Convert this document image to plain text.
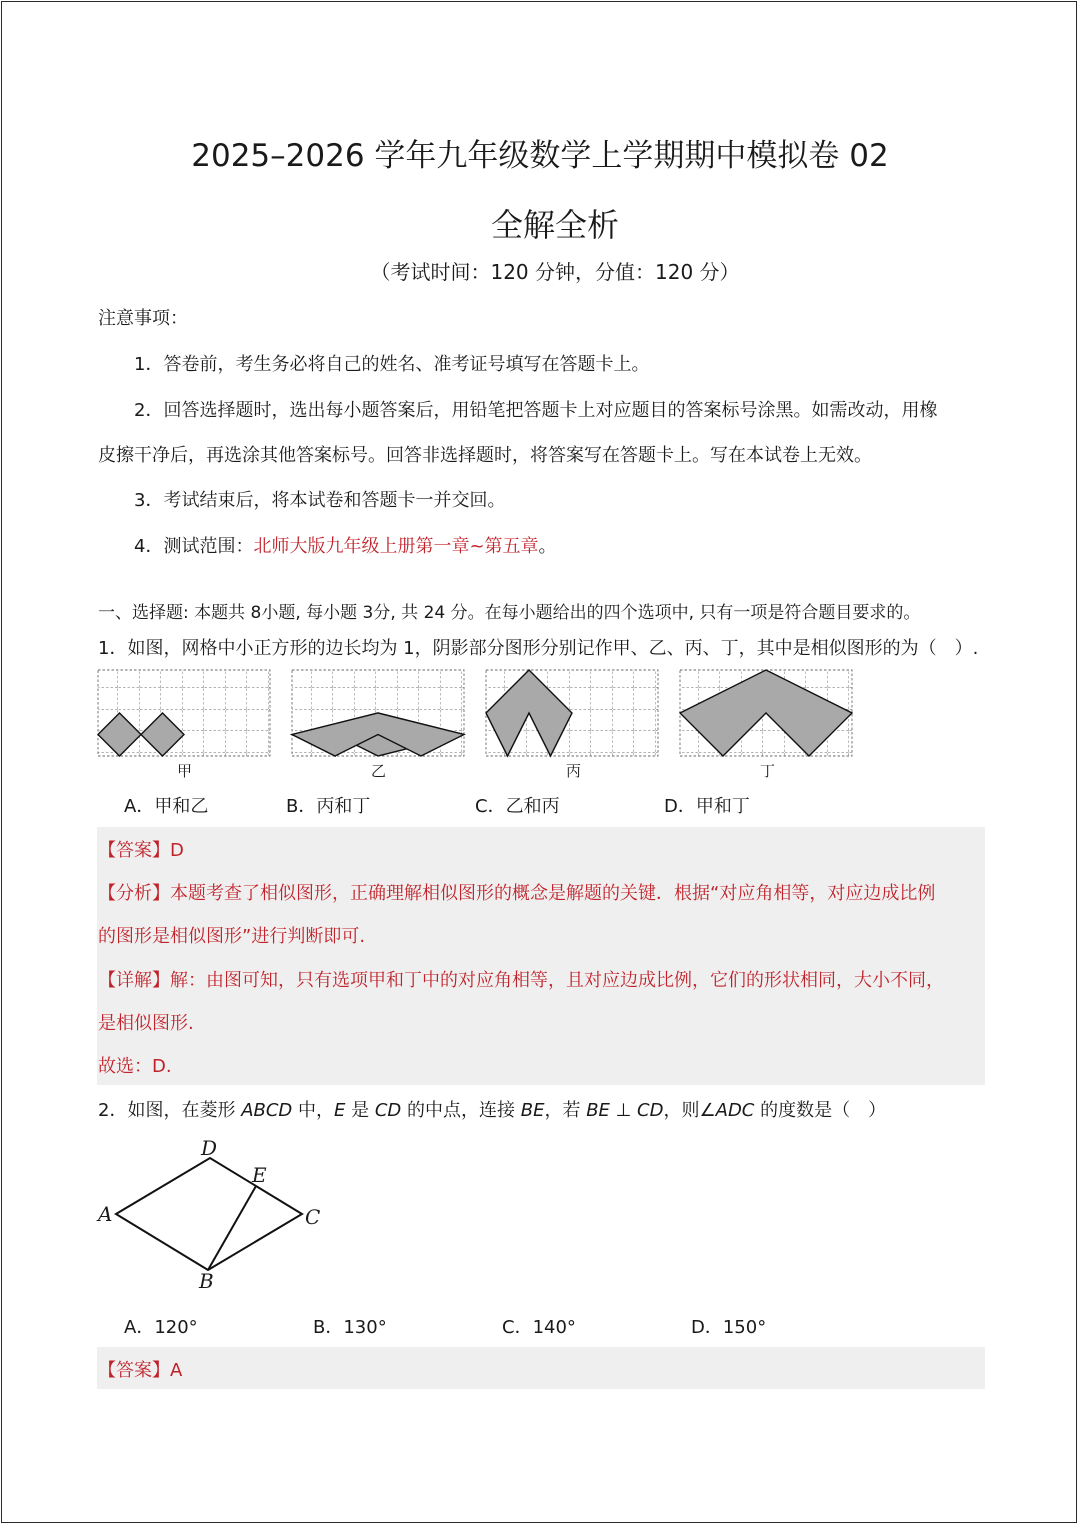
2025–2026 学年九年级数学上学期期中模拟卷 02
全解全析
（考试时间：120 分钟，分值：120 分）
注意事项：
1．答卷前，考生务必将自己的姓名、准考证号填写在答题卡上。
2．回答选择题时，选出每小题答案后，用铅笔把答题卡上对应题目的答案标号涂黑。如需改动，用橡
皮擦干净后，再选涂其他答案标号。回答非选择题时，将答案写在答题卡上。写在本试卷上无效。
3．考试结束后，将本试卷和答题卡一并交回。
4．测试范围：北师大版九年级上册第一章~第五章。
一、选择题: 本题共 8小题, 每小题 3分, 共 24 分。在每小题给出的四个选项中, 只有一项是符合题目要求的。
1．如图，网格中小正方形的边长均为 1，阴影部分图形分别记作甲、乙、丙、丁，其中是相似图形的为（　）.
甲	乙	丙	丁
A．甲和乙	B．丙和丁	C．乙和丙	D．甲和丁
【答案】D
【分析】本题考查了相似图形，正确理解相似图形的概念是解题的关键．根据“对应角相等，对应边成比例
的图形是相似图形”进行判断即可.
【详解】解：由图可知，只有选项甲和丁中的对应角相等，且对应边成比例，它们的形状相同，大小不同，
是相似图形.
故选：D.
2．如图，在菱形 ABCD 中，E 是 CD 的中点，连接 BE，若 BE ⊥ CD，则∠ADC 的度数是（　）
A
D
E
C
B
A．120°	B．130°	C．140°	D．150°
【答案】A
